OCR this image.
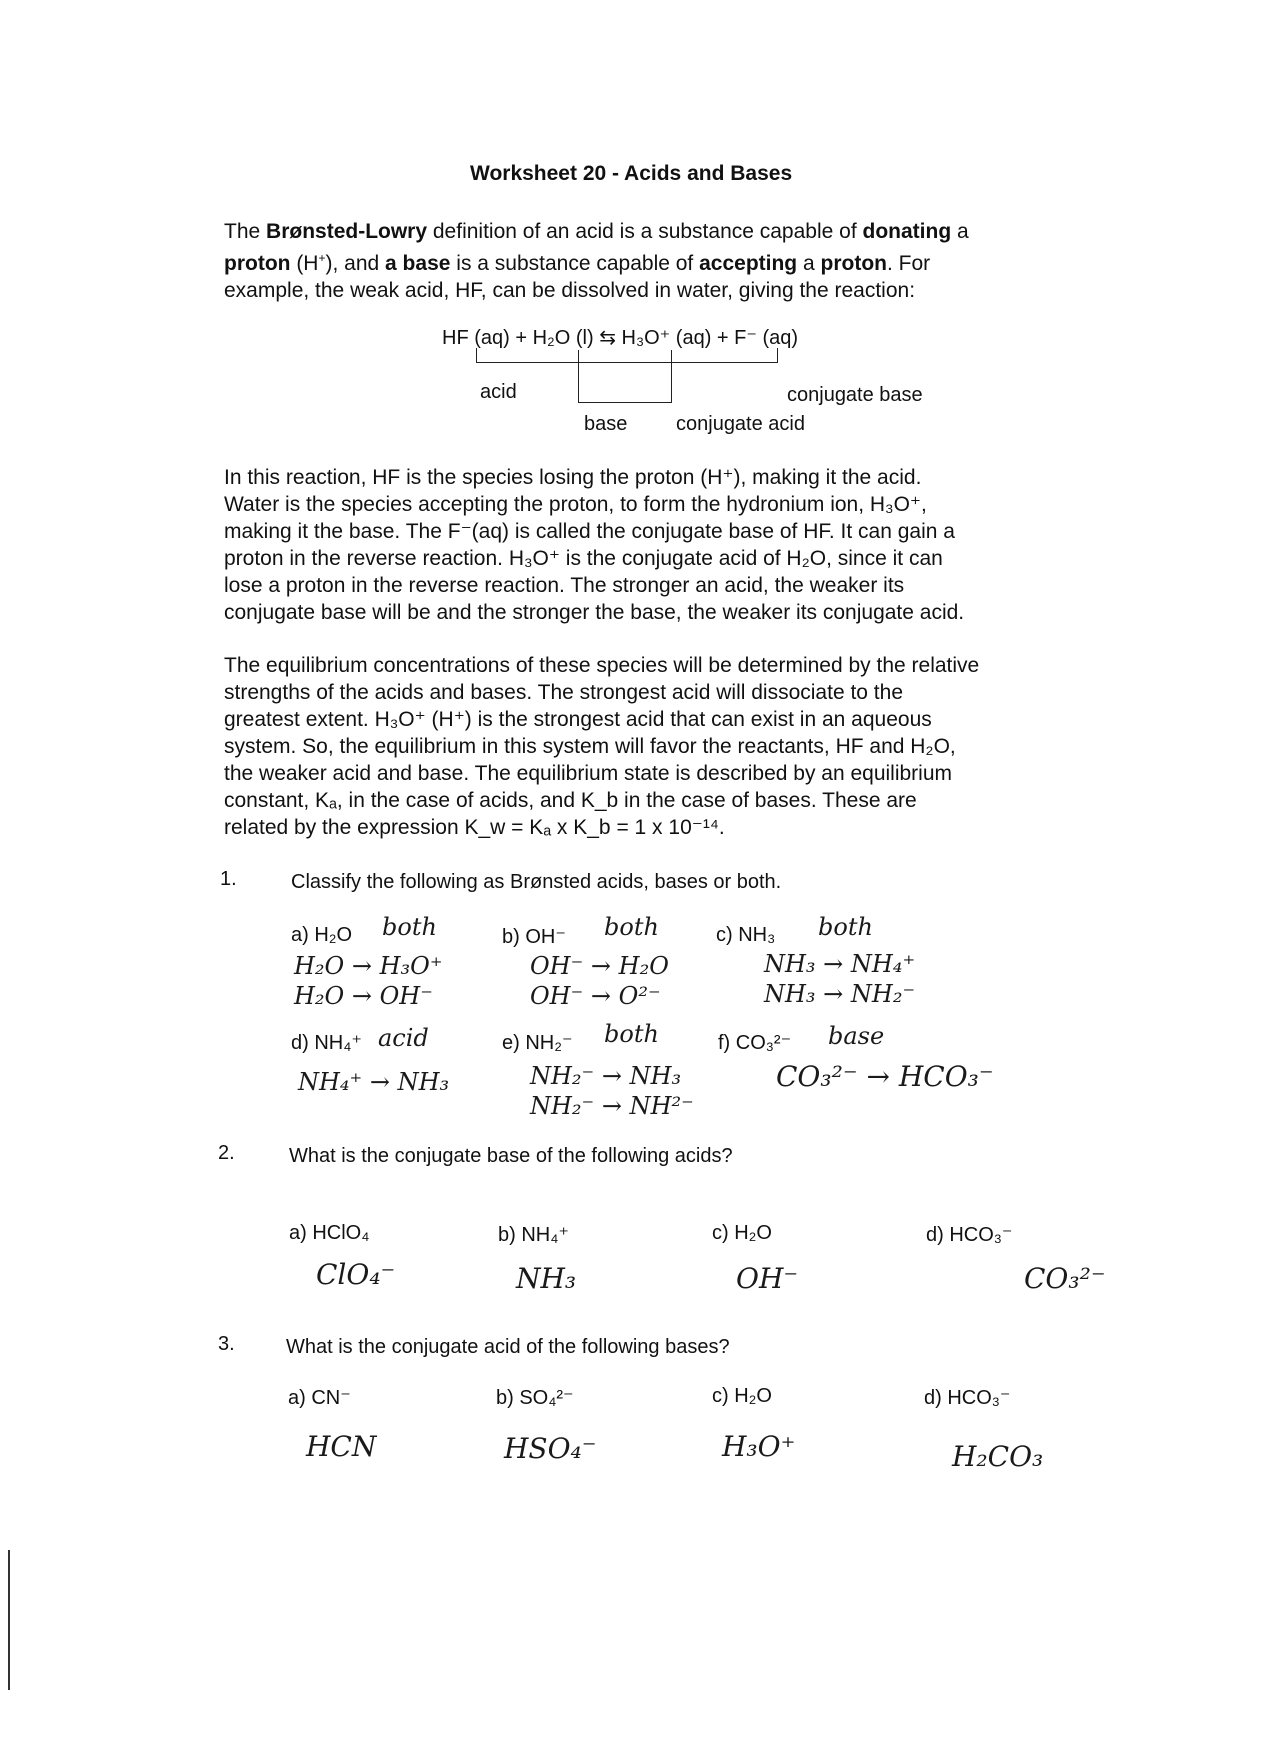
Worksheet 20 - Acids and Bases
The Brønsted-Lowry definition of an acid is a substance capable of donating a
proton (H+), and a base is a substance capable of accepting a proton. For
example, the weak acid, HF, can be dissolved in water, giving the reaction:
HF (aq) + H₂O (l) ⇆ H₃O⁺ (aq) + F⁻ (aq)
acid	conjugate base
base conjugate acid
In this reaction, HF is the species losing the proton (H⁺), making it the acid.
Water is the species accepting the proton, to form the hydronium ion, H₃O⁺,
making it the base. The F⁻(aq) is called the conjugate base of HF. It can gain a
proton in the reverse reaction. H₃O⁺ is the conjugate acid of H₂O, since it can
lose a proton in the reverse reaction. The stronger an acid, the weaker its
conjugate base will be and the stronger the base, the weaker its conjugate acid.
The equilibrium concentrations of these species will be determined by the relative
strengths of the acids and bases. The strongest acid will dissociate to the
greatest extent. H₃O⁺ (H⁺) is the strongest acid that can exist in an aqueous
system. So, the equilibrium in this system will favor the reactants, HF and H₂O,
the weaker acid and base. The equilibrium state is described by an equilibrium
constant, Kₐ, in the case of acids, and K_b in the case of bases. These are
related by the expression K_w = Kₐ x K_b = 1 x 10⁻¹⁴.
1.	Classify the following as Brønsted acids, bases or both.
a) H₂O both
H₂O → H₃O⁺
H₂O → OH⁻
b) OH⁻ both
OH⁻ → H₂O
OH⁻ → O²⁻
c) NH₃ both
NH₃ → NH₄⁺
NH₃ → NH₂⁻
d) NH₄⁺ acid
NH₄⁺ → NH₃
e) NH₂⁻ both
NH₂⁻ → NH₃
NH₂⁻ → NH²⁻
f) CO₃²⁻ base
CO₃²⁻ → HCO₃⁻
2.	What is the conjugate base of the following acids?
a) HClO₄
ClO₄⁻
b) NH₄⁺
NH₃
c) H₂O
OH⁻
d) HCO₃⁻
CO₃²⁻
3.	What is the conjugate acid of the following bases?
a) CN⁻
HCN
b) SO₄²⁻
HSO₄⁻
c) H₂O
H₃O⁺
d) HCO₃⁻
H₂CO₃
